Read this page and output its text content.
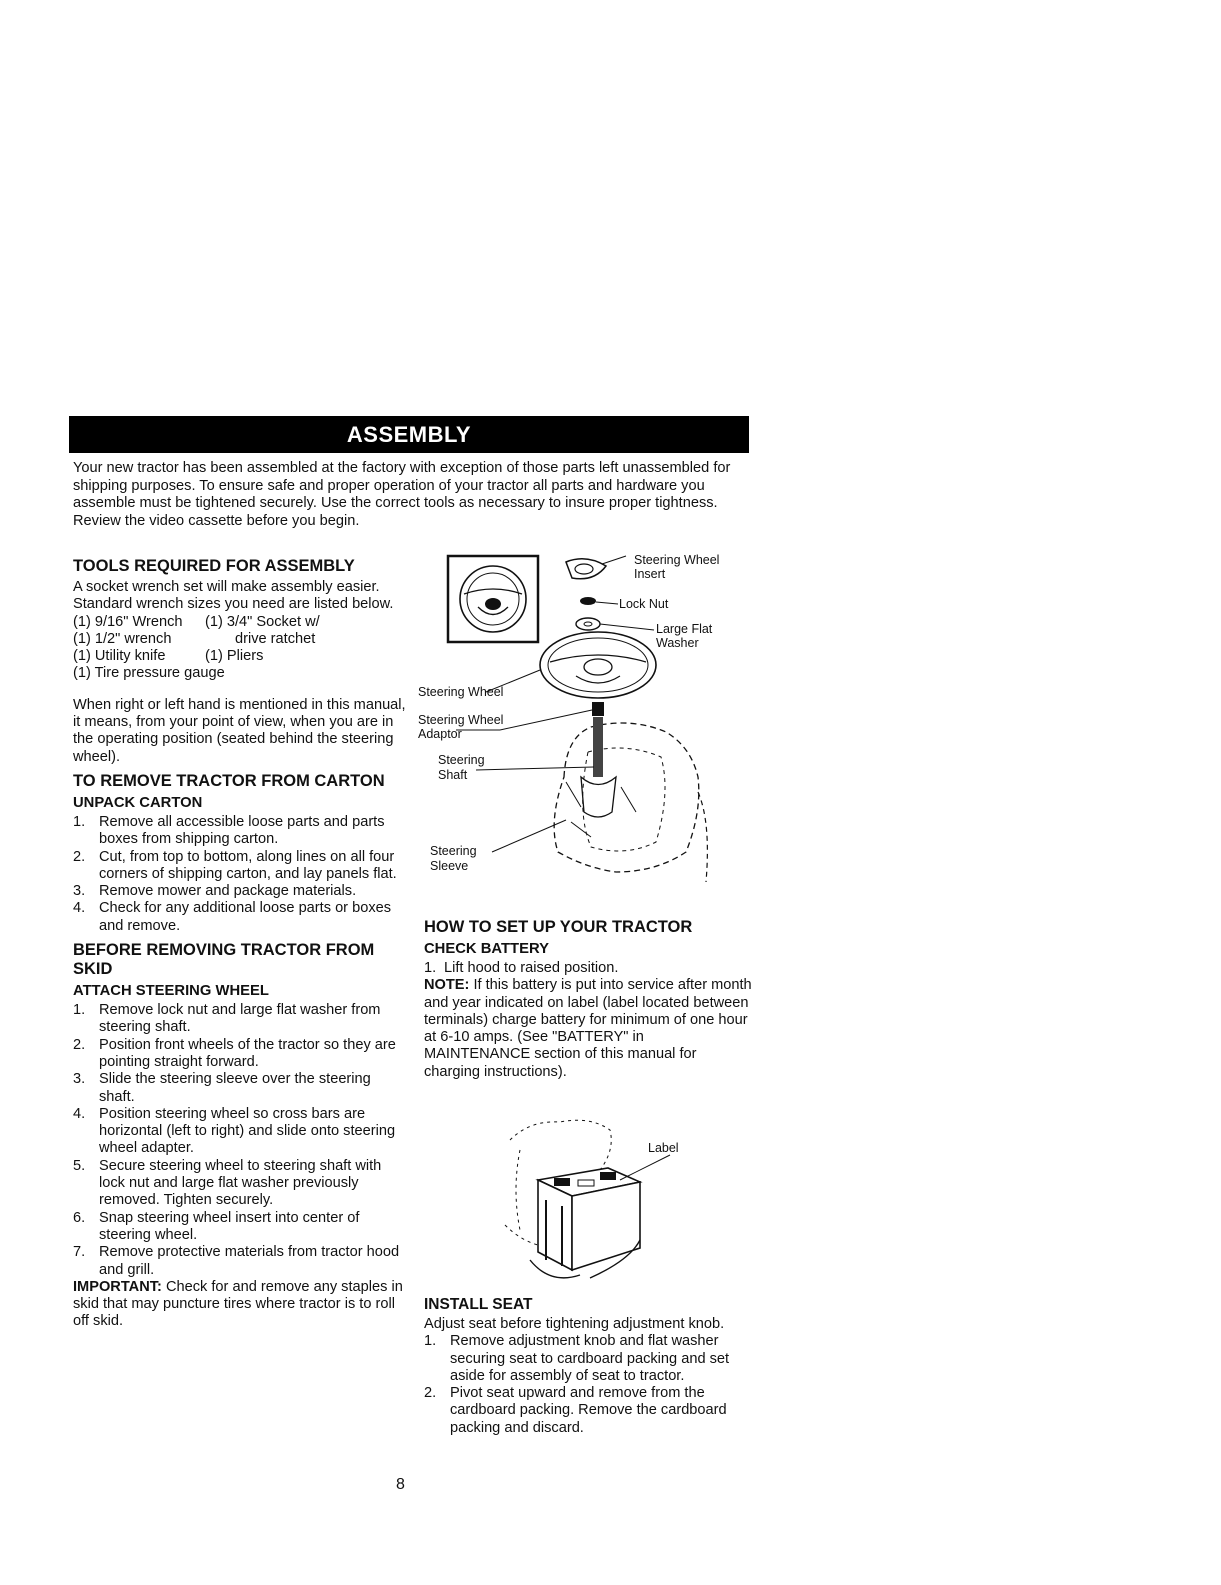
ASSEMBLY

Your new tractor has been assembled at the factory with exception of those parts left unassembled for shipping purposes. To ensure safe and proper operation of your tractor all parts and hardware you assemble must be tightened securely. Use the correct tools as necessary to insure proper tightness. Review the video cassette before you begin.

TOOLS REQUIRED FOR ASSEMBLY

A socket wrench set will make assembly easier. Standard wrench sizes you need are listed below.

(1) 9/16" Wrench	(1) 3/4" Socket w/
(1) 1/2" wrench	drive ratchet
(1) Utility knife	(1) Pliers
(1) Tire pressure gauge

When right or left hand is mentioned in this manual, it means, from your point of view, when you are in the operating position (seated behind the steering wheel).

TO REMOVE TRACTOR FROM CARTON
UNPACK CARTON
1. Remove all accessible loose parts and parts boxes from shipping carton.
2. Cut, from top to bottom, along lines on all four corners of shipping carton, and lay panels flat.
3. Remove mower and package materials.
4. Check for any additional loose parts or boxes and remove.
BEFORE REMOVING TRACTOR FROM SKID
ATTACH STEERING WHEEL
1. Remove lock nut and large flat washer from steering shaft.
2. Position front wheels of the tractor so they are pointing straight forward.
3. Slide the steering sleeve over the steering shaft.
4. Position steering wheel so cross bars are horizontal (left to right) and slide onto steering wheel adapter.
5. Secure steering wheel to steering shaft with lock nut and large flat washer previously removed. Tighten securely.
6. Snap steering wheel insert into center of steering wheel.
7. Remove protective materials from tractor hood and grill.

IMPORTANT: Check for and remove any staples in skid that may puncture tires where tractor is to roll off skid.

Steering Wheel
Insert
Lock Nut
Large Flat
Washer
Steering Wheel
Steering Wheel
Adaptor
Steering
Shaft
Steering
Sleeve
HOW TO SET UP YOUR TRACTOR
CHECK BATTERY
1. Lift hood to raised position.

NOTE: If this battery is put into service after month and year indicated on label (label located between terminals) charge battery for minimum of one hour at 6-10 amps. (See "BATTERY" in MAINTENANCE section of this manual for charging instructions).

Label
INSTALL SEAT

Adjust seat before tightening adjustment knob.

1. Remove adjustment knob and flat washer securing seat to cardboard packing and set aside for assembly of seat to tractor.
2. Pivot seat upward and remove from the cardboard packing. Remove the cardboard packing and discard.
8
